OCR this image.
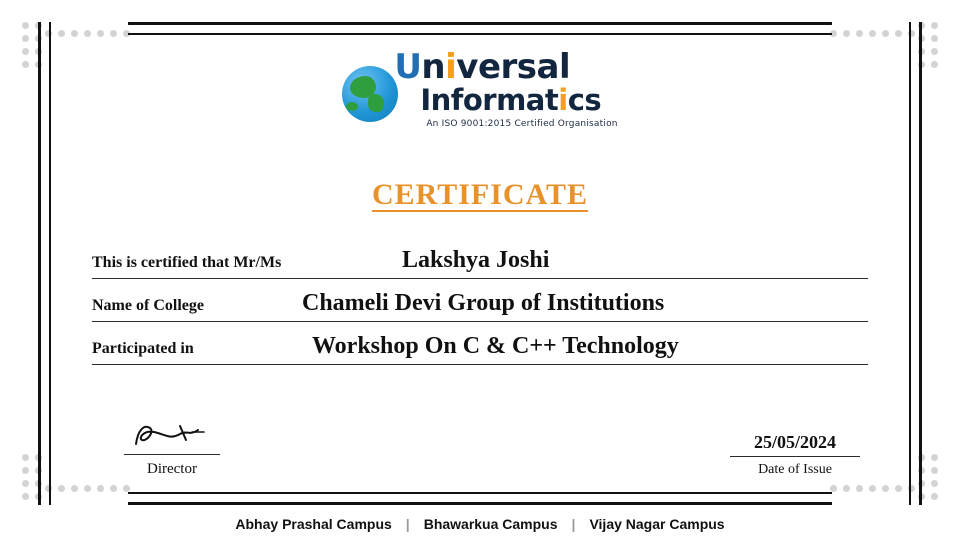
Universal
Informatics
An ISO 9001:2015 Certified Organisation
CERTIFICATE
This is certified that Mr/Ms	Lakshya Joshi
Name of College	Chameli Devi Group of Institutions
Participated in	Workshop On C & C++ Technology
Director
25/05/2024
Date of Issue
Abhay Prashal Campus | Bhawarkua Campus | Vijay Nagar Campus
